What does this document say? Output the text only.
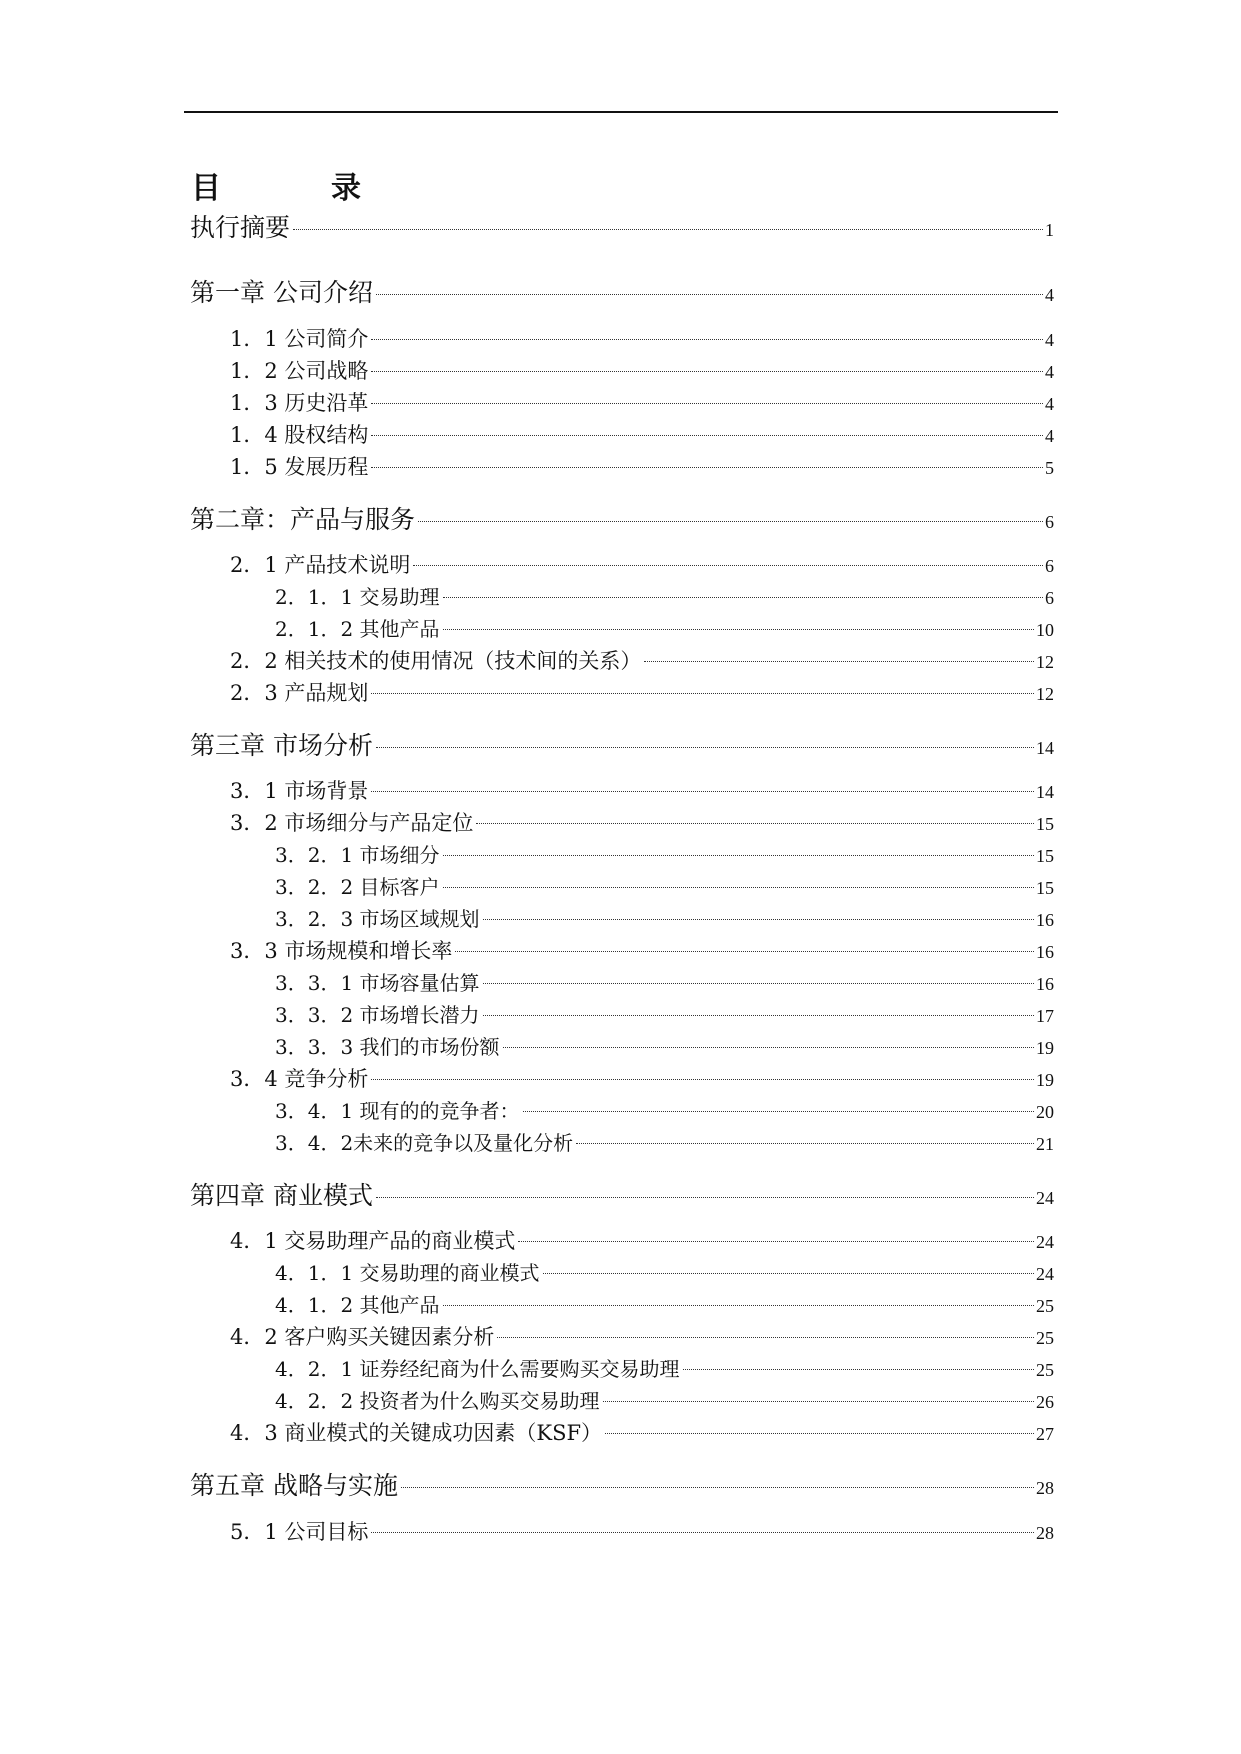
目　录
执行摘要	1
第一章 公司介绍	4
1．1 公司简介	4
1．2 公司战略	4
1．3 历史沿革	4
1．4 股权结构	4
1．5 发展历程	5
第二章：产品与服务	6
2．1 产品技术说明	6
2．1．1 交易助理	6
2．1．2 其他产品	10
2．2 相关技术的使用情况（技术间的关系）	12
2．3 产品规划	12
第三章 市场分析	14
3．1 市场背景	14
3．2 市场细分与产品定位	15
3．2．1 市场细分	15
3．2．2 目标客户	15
3．2．3 市场区域规划	16
3．3 市场规模和增长率	16
3．3．1 市场容量估算	16
3．3．2 市场增长潜力	17
3．3．3 我们的市场份额	19
3．4 竞争分析	19
3．4．1 现有的的竞争者：	20
3．4．2未来的竞争以及量化分析	21
第四章 商业模式	24
4．1 交易助理产品的商业模式	24
4．1．1 交易助理的商业模式	24
4．1．2 其他产品	25
4．2 客户购买关键因素分析	25
4．2．1 证券经纪商为什么需要购买交易助理	25
4．2．2 投资者为什么购买交易助理	26
4．3 商业模式的关键成功因素（KSF）	27
第五章 战略与实施	28
5．1 公司目标	28
